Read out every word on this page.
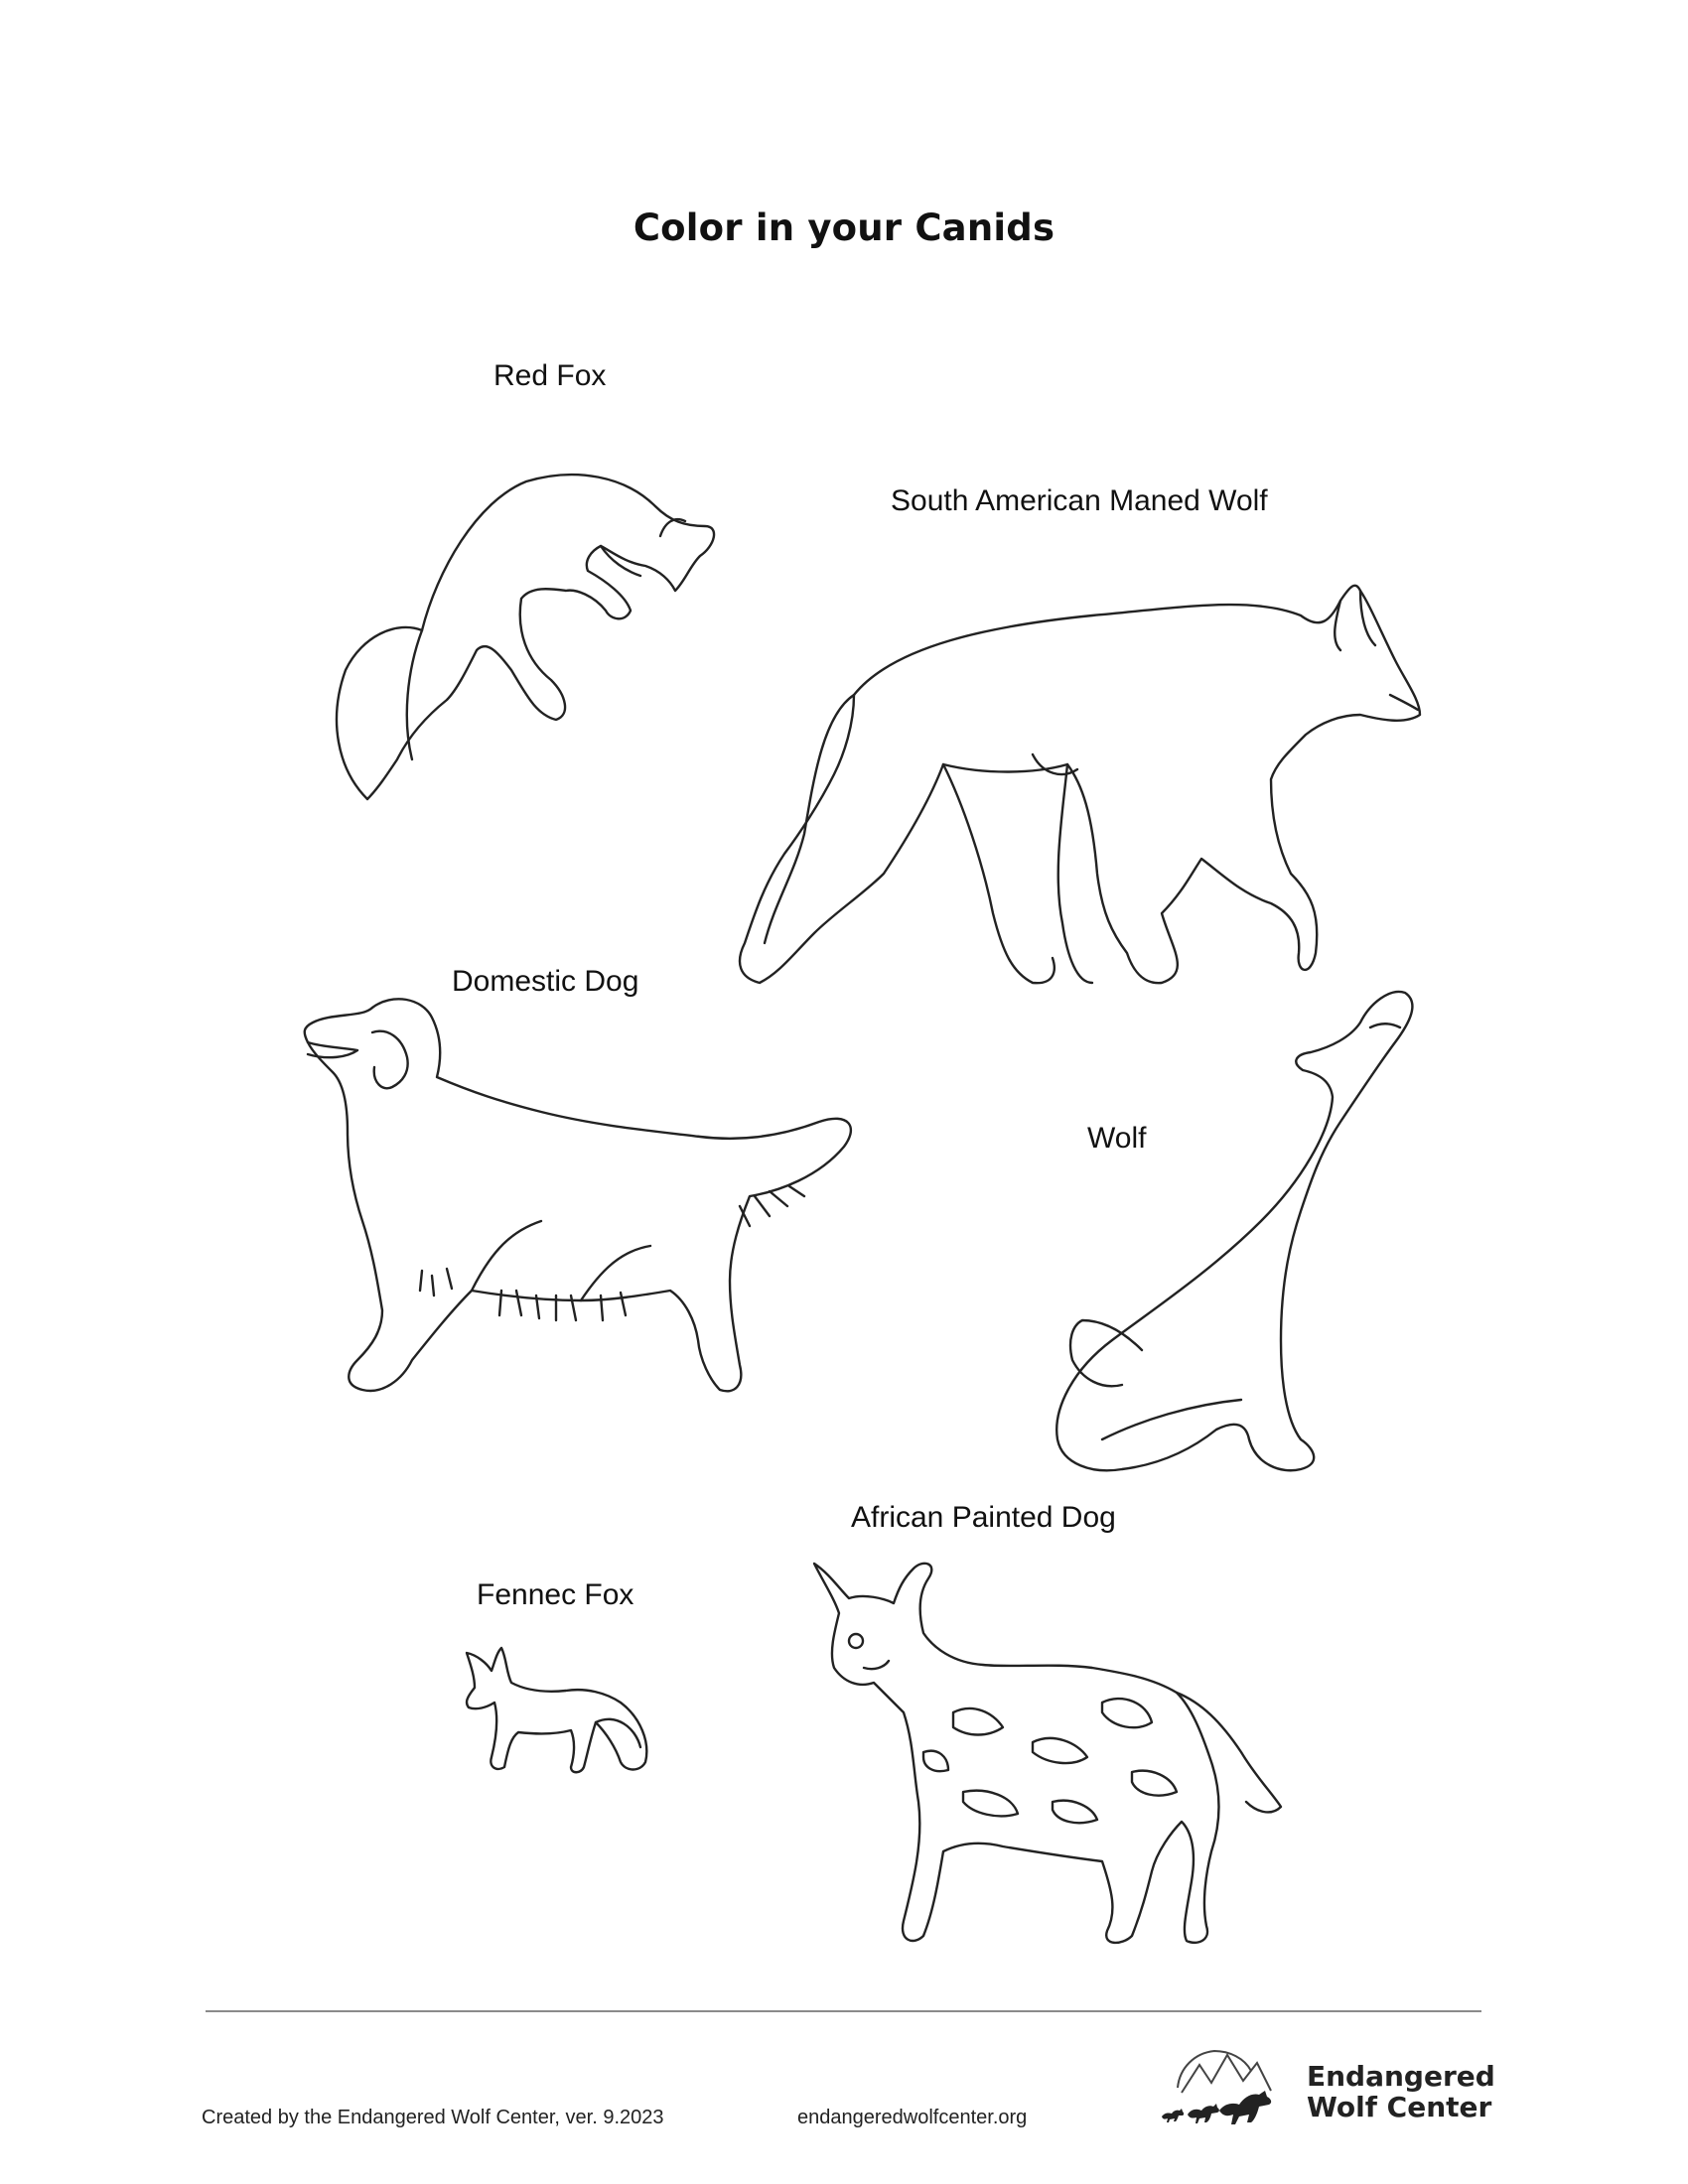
Color in your Canids
Red Fox
South American Maned Wolf
Domestic Dog
Wolf
African Painted Dog
Fennec Fox
Created by the Endangered Wolf Center, ver. 9.2023	endangeredwolfcenter.org
Endangered
Wolf Center
